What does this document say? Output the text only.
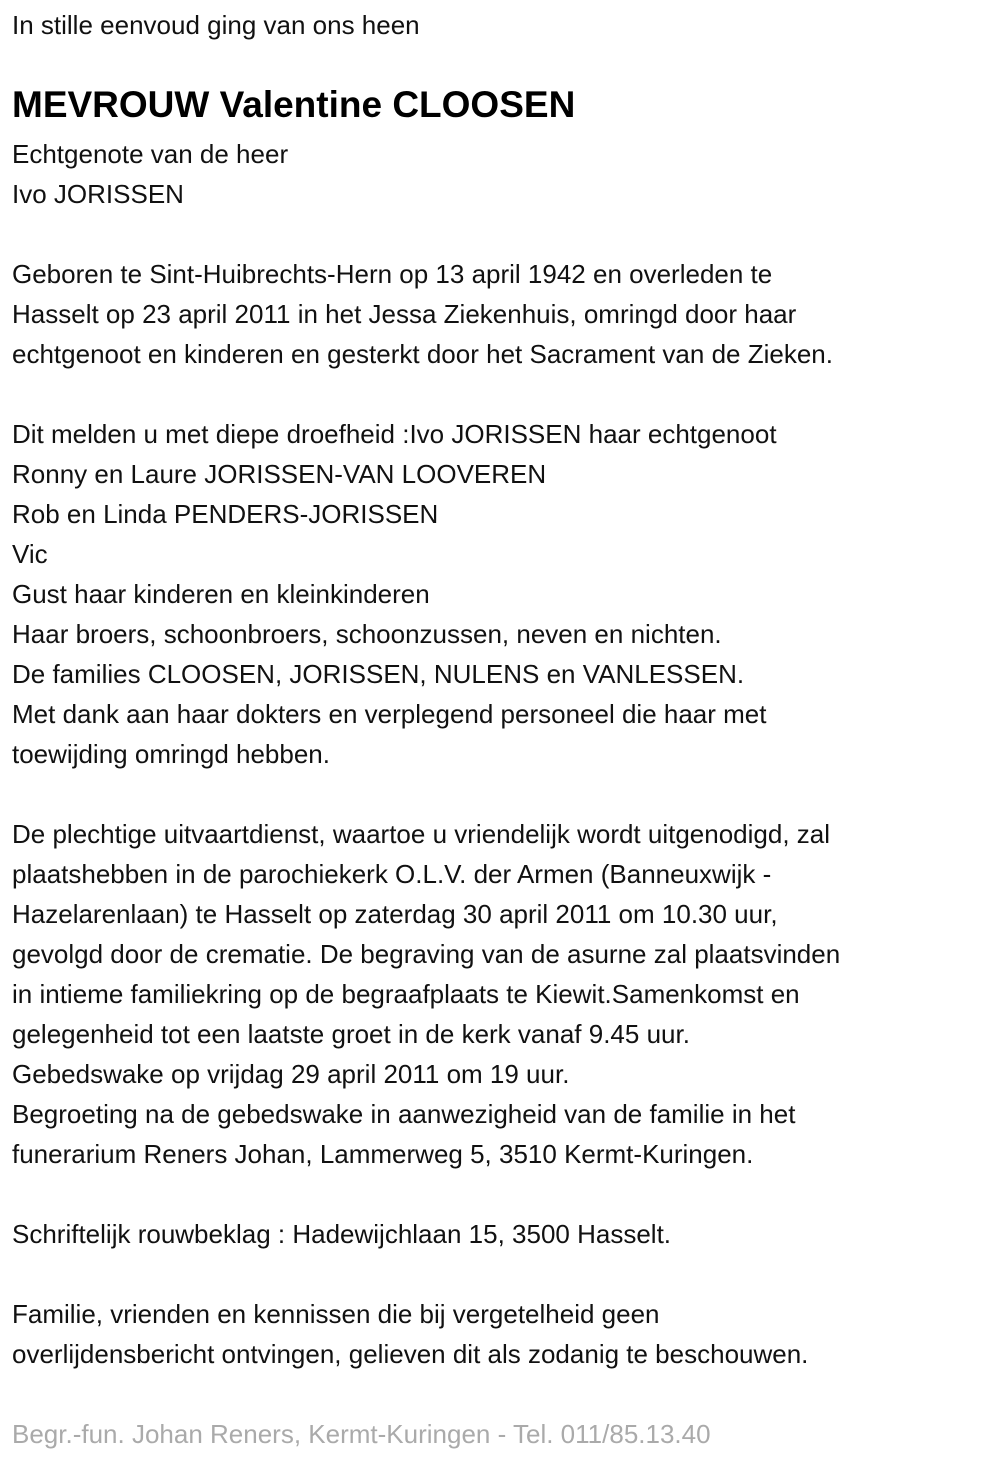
In stille eenvoud ging van ons heen
MEVROUW Valentine CLOOSEN
Echtgenote van de heer
Ivo JORISSEN
Geboren te Sint-Huibrechts-Hern op 13 april 1942 en overleden te
Hasselt op 23 april 2011 in het Jessa Ziekenhuis, omringd door haar
echtgenoot en kinderen en gesterkt door het Sacrament van de Zieken.
Dit melden u met diepe droefheid :Ivo JORISSEN haar echtgenoot
Ronny en Laure JORISSEN-VAN LOOVEREN
Rob en Linda PENDERS-JORISSEN
Vic
Gust haar kinderen en kleinkinderen
Haar broers, schoonbroers, schoonzussen, neven en nichten.
De families CLOOSEN, JORISSEN, NULENS en VANLESSEN.
Met dank aan haar dokters en verplegend personeel die haar met
toewijding omringd hebben.
De plechtige uitvaartdienst, waartoe u vriendelijk wordt uitgenodigd, zal
plaatshebben in de parochiekerk O.L.V. der Armen (Banneuxwijk -
Hazelarenlaan) te Hasselt op zaterdag 30 april 2011 om 10.30 uur,
gevolgd door de crematie. De begraving van de asurne zal plaatsvinden
in intieme familiekring op de begraafplaats te Kiewit.Samenkomst en
gelegenheid tot een laatste groet in de kerk vanaf 9.45 uur.
Gebedswake op vrijdag 29 april 2011 om 19 uur.
Begroeting na de gebedswake in aanwezigheid van de familie in het
funerarium Reners Johan, Lammerweg 5, 3510 Kermt-Kuringen.
Schriftelijk rouwbeklag : Hadewijchlaan 15, 3500 Hasselt.
Familie, vrienden en kennissen die bij vergetelheid geen
overlijdensbericht ontvingen, gelieven dit als zodanig te beschouwen.
Begr.-fun. Johan Reners, Kermt-Kuringen - Tel. 011/85.13.40
